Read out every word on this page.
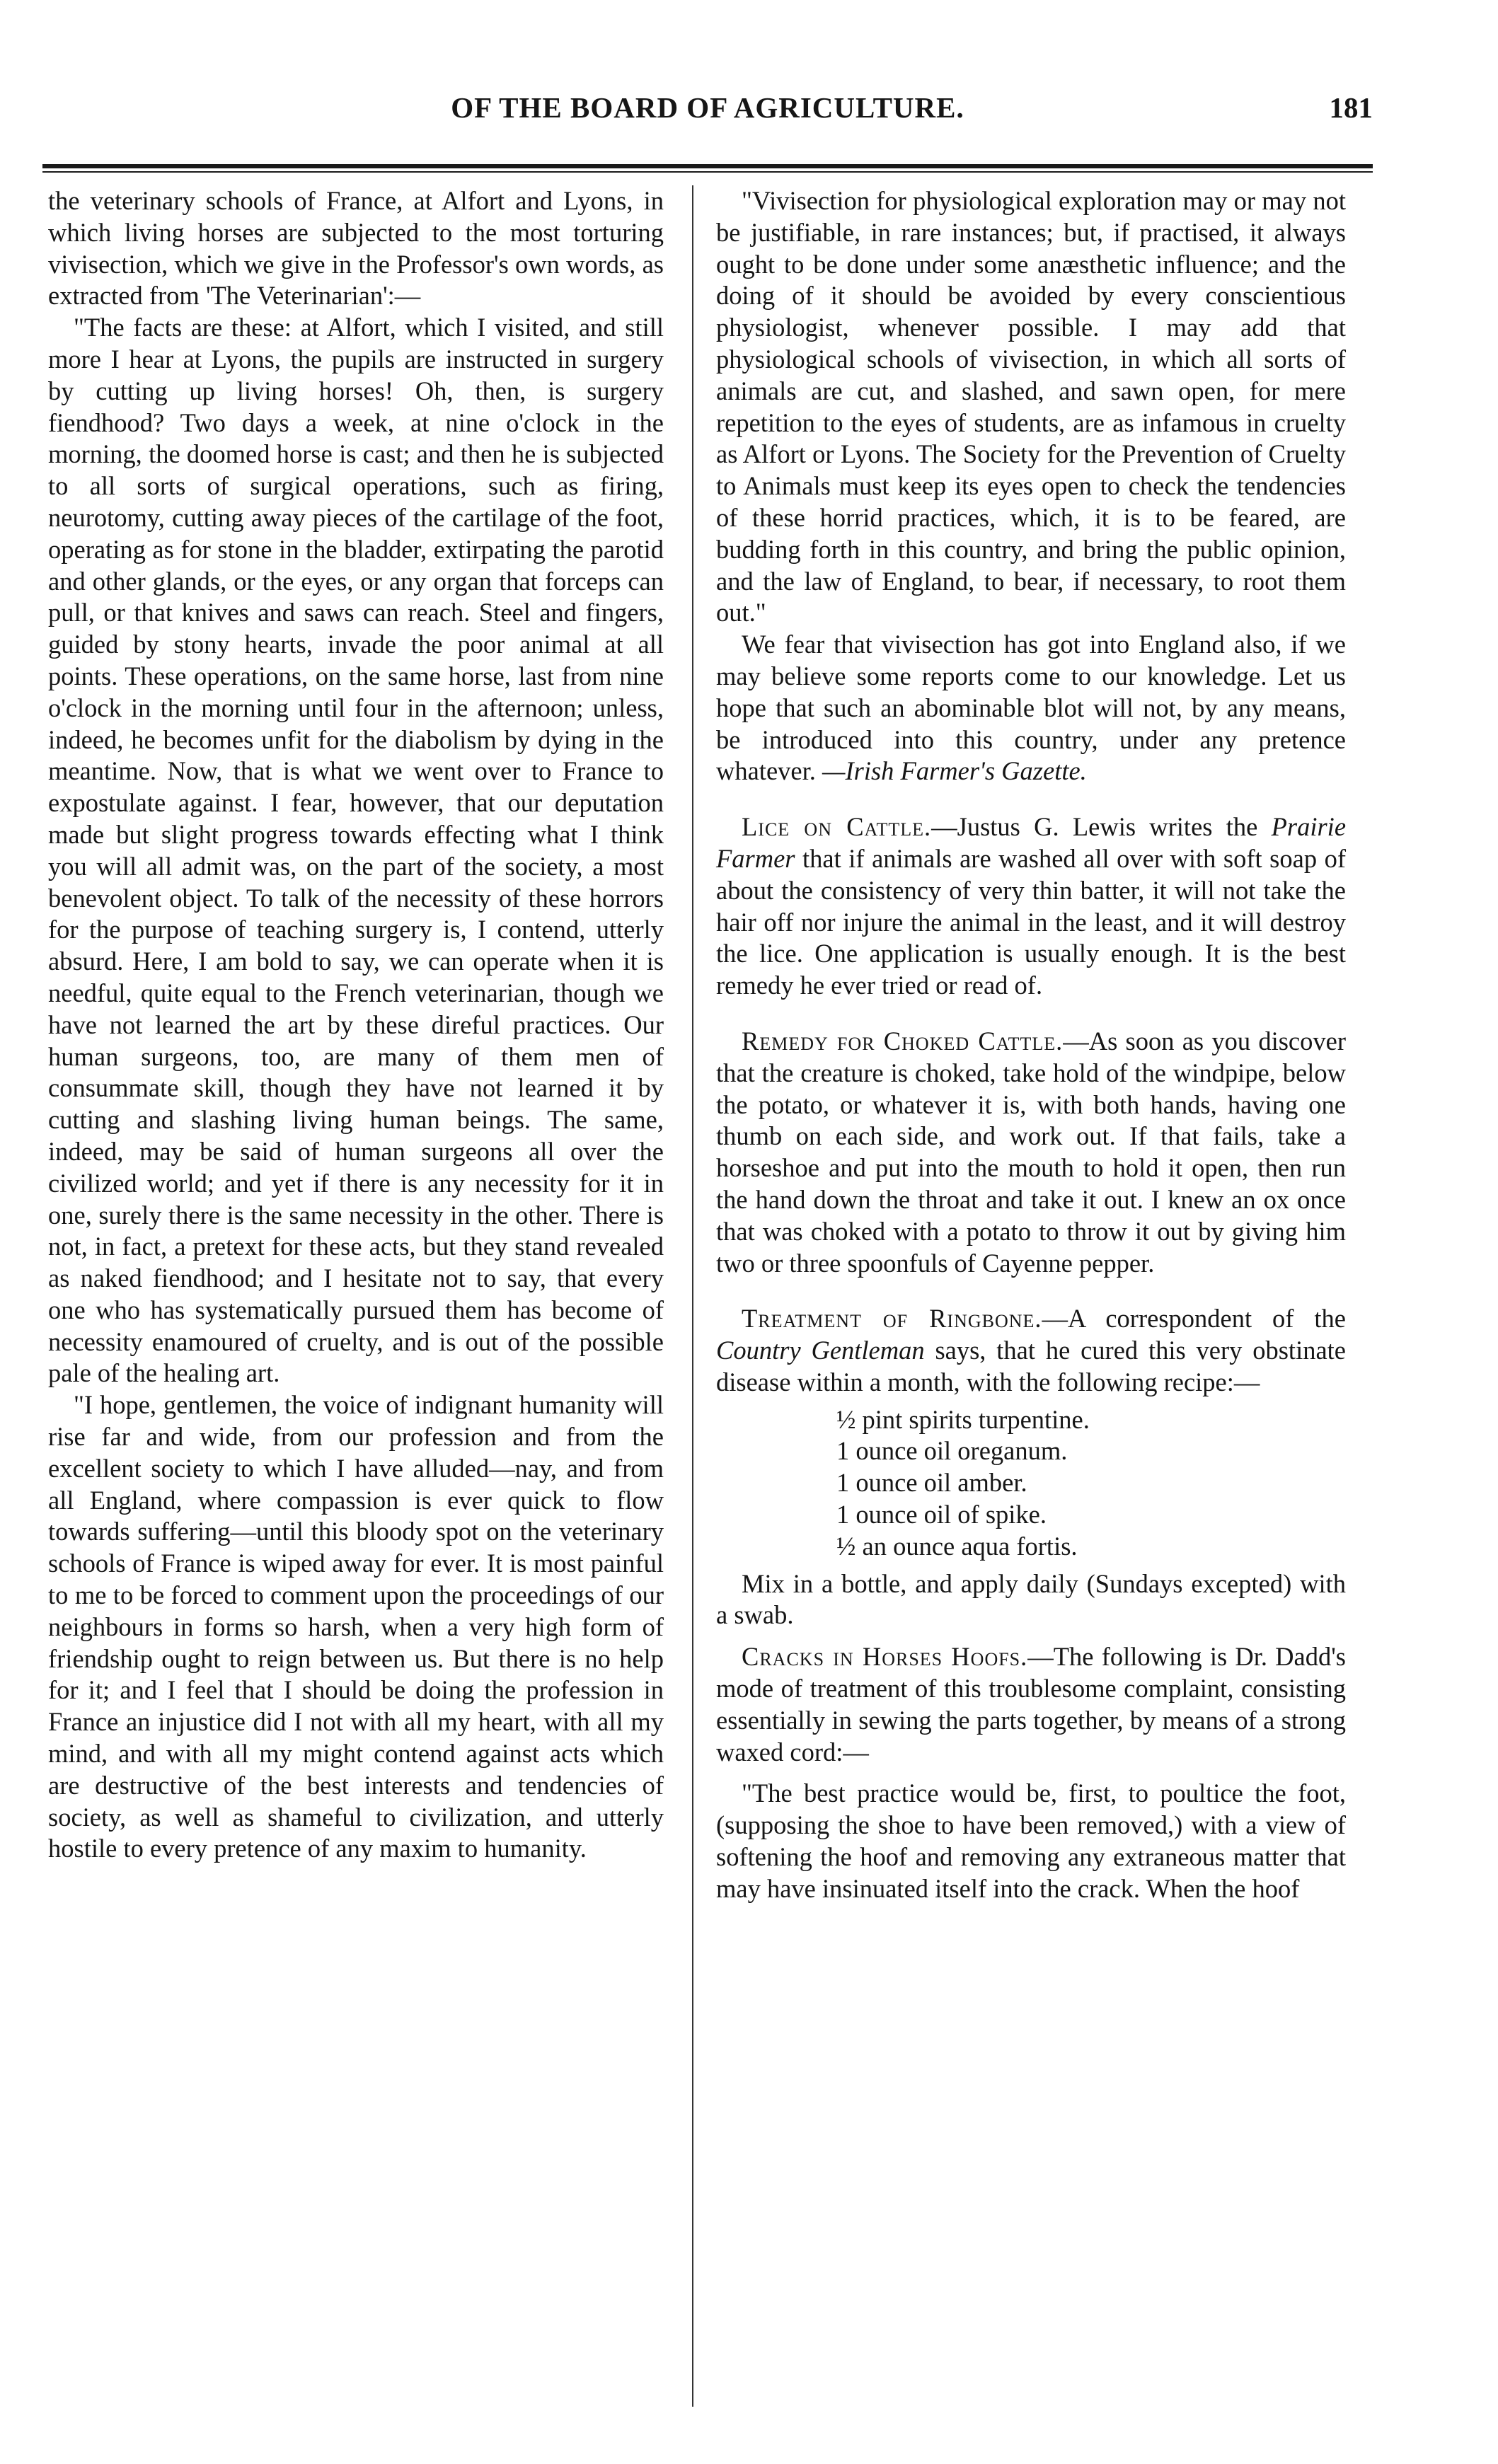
OF THE BOARD OF AGRICULTURE.	181

the veterinary schools of France, at Alfort and Lyons, in which living horses are subjected to the most torturing vivisection, which we give in the Professor's own words, as extracted from 'The Veterinarian':—

"The facts are these: at Alfort, which I visited, and still more I hear at Lyons, the pupils are instructed in surgery by cutting up living horses! Oh, then, is surgery fiendhood? Two days a week, at nine o'clock in the morning, the doomed horse is cast; and then he is subjected to all sorts of surgical operations, such as firing, neurotomy, cutting away pieces of the cartilage of the foot, operating as for stone in the bladder, extirpating the parotid and other glands, or the eyes, or any organ that forceps can pull, or that knives and saws can reach. Steel and fingers, guided by stony hearts, invade the poor animal at all points. These operations, on the same horse, last from nine o'clock in the morning until four in the afternoon; unless, indeed, he becomes unfit for the diabolism by dying in the meantime. Now, that is what we went over to France to expostulate against. I fear, however, that our deputation made but slight progress towards effecting what I think you will all admit was, on the part of the society, a most benevolent object. To talk of the necessity of these horrors for the purpose of teaching surgery is, I contend, utterly absurd. Here, I am bold to say, we can operate when it is needful, quite equal to the French veterinarian, though we have not learned the art by these direful practices. Our human surgeons, too, are many of them men of consummate skill, though they have not learned it by cutting and slashing living human beings. The same, indeed, may be said of human surgeons all over the civilized world; and yet if there is any necessity for it in one, surely there is the same necessity in the other. There is not, in fact, a pretext for these acts, but they stand revealed as naked fiendhood; and I hesitate not to say, that every one who has systematically pursued them has become of necessity enamoured of cruelty, and is out of the possible pale of the healing art.

"I hope, gentlemen, the voice of indignant humanity will rise far and wide, from our profession and from the excellent society to which I have alluded—nay, and from all England, where compassion is ever quick to flow towards suffering—until this bloody spot on the veterinary schools of France is wiped away for ever. It is most painful to me to be forced to comment upon the proceedings of our neighbours in forms so harsh, when a very high form of friendship ought to reign between us. But there is no help for it; and I feel that I should be doing the profession in France an injustice did I not with all my heart, with all my mind, and with all my might contend against acts which are destructive of the best interests and tendencies of society, as well as shameful to civilization, and utterly hostile to every pretence of any maxim to humanity.

"Vivisection for physiological exploration may or may not be justifiable, in rare instances; but, if practised, it always ought to be done under some anæsthetic influence; and the doing of it should be avoided by every conscientious physiologist, whenever possible. I may add that physiological schools of vivisection, in which all sorts of animals are cut, and slashed, and sawn open, for mere repetition to the eyes of students, are as infamous in cruelty as Alfort or Lyons. The Society for the Prevention of Cruelty to Animals must keep its eyes open to check the tendencies of these horrid practices, which, it is to be feared, are budding forth in this country, and bring the public opinion, and the law of England, to bear, if necessary, to root them out."

We fear that vivisection has got into England also, if we may believe some reports come to our knowledge. Let us hope that such an abominable blot will not, by any means, be introduced into this country, under any pretence whatever. —Irish Farmer's Gazette.

Lice on Cattle.—Justus G. Lewis writes the Prairie Farmer that if animals are washed all over with soft soap of about the consistency of very thin batter, it will not take the hair off nor injure the animal in the least, and it will destroy the lice. One application is usually enough. It is the best remedy he ever tried or read of.

Remedy for Choked Cattle.—As soon as you discover that the creature is choked, take hold of the windpipe, below the potato, or whatever it is, with both hands, having one thumb on each side, and work out. If that fails, take a horseshoe and put into the mouth to hold it open, then run the hand down the throat and take it out. I knew an ox once that was choked with a potato to throw it out by giving him two or three spoonfuls of Cayenne pepper.

Treatment of Ringbone.—A correspondent of the Country Gentleman says, that he cured this very obstinate disease within a month, with the following recipe:—

½ pint spirits turpentine.
1 ounce oil oreganum.
1 ounce oil amber.
1 ounce oil of spike.
½ an ounce aqua fortis.

Mix in a bottle, and apply daily (Sundays excepted) with a swab.

Cracks in Horses Hoofs.—The following is Dr. Dadd's mode of treatment of this troublesome complaint, consisting essentially in sewing the parts together, by means of a strong waxed cord:—

"The best practice would be, first, to poultice the foot, (supposing the shoe to have been removed,) with a view of softening the hoof and removing any extraneous matter that may have insinuated itself into the crack. When the hoof
